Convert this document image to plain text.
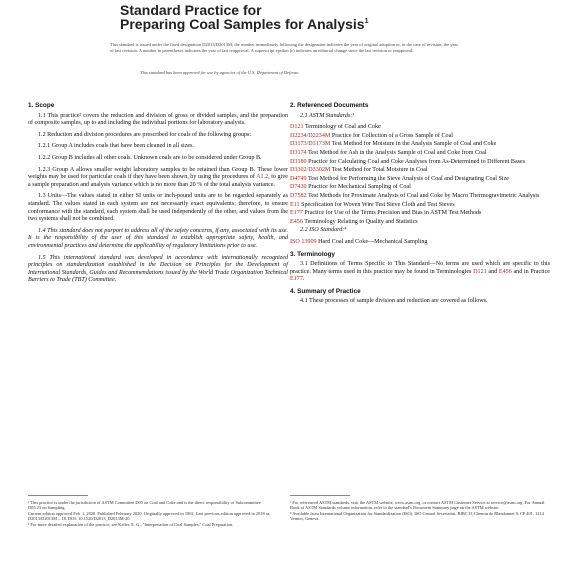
Standard Practice for
Preparing Coal Samples for Analysis$^1$
This standard is issued under the fixed designation D2013/D2013M; the number immediately following the designation indicates the year of original adoption or, in the case of revision, the year of last revision. A number in parentheses indicates the year of last reapproval. A superscript epsilon (ε) indicates an editorial change since the last revision or reapproval.
This standard has been approved for use by agencies of the U.S. Department of Defense.
1. Scope

1.1 This practice² covers the reduction and division of gross or divided samples, and the preparation of composite samples, up to and including the individual portions for laboratory analysis.

1.2 Reduction and division procedures are prescribed for coals of the following groups:

1.2.1 Group A includes coals that have been cleaned in all sizes.

1.2.2 Group B includes all other coals. Unknown coals are to be considered under Group B.

1.2.3 Group A allows smaller weight laboratory samples to be retained than Group B. These lower weights may be used for particular coals if they have been shown, by using the procedures of A1.2, to give a sample preparation and analysis variance which is no more than 20 % of the total analysis variance.

1.3 Units—The values stated in either SI units or inch-pound units are to be regarded separately as standard. The values stated in each system are not necessarily exact equivalents; therefore, to ensure conformance with the standard, each system shall be used independently of the other, and values from the two systems shall not be combined.

1.4 This standard does not purport to address all of the safety concerns, if any, associated with its use. It is the responsibility of the user of this standard to establish appropriate safety, health, and environmental practices and determine the applicability of regulatory limitations prior to use.

1.5 This international standard was developed in accordance with internationally recognized principles on standardization established in the Decision on Principles for the Development of International Standards, Guides and Recommendations issued by the World Trade Organization Technical Barriers to Trade (TBT) Committee.

¹ This practice is under the jurisdiction of ASTM Committee D05 on Coal and Coke and is the direct responsibility of Subcommittee D05.23 on Sampling.
Current edition approved Feb. 1, 2020. Published February 2020. Originally approved in 1962. Last previous edition approved in 2018 as D2013/D2013M – 18. DOI: 10.1520/D2013_D2013M-20.
² For more detailed explanation of the practice, see Keller, E. G., "Interpretation of Coal Samples," Coal Preparation.
2. Referenced Documents

2.1 ASTM Standards:³

D121 Terminology of Coal and Coke
D2234/D2234M Practice for Collection of a Gross Sample of Coal
D3173/D3173M Test Method for Moisture in the Analysis Sample of Coal and Coke
D3174 Test Method for Ash in the Analysis Sample of Coal and Coke from Coal
D3180 Practice for Calculating Coal and Coke Analyses from As-Determined to Different Bases
D3302/D3302M Test Method for Total Moisture in Coal
D4749 Test Method for Performing the Sieve Analysis of Coal and Designating Coal Size
D7430 Practice for Mechanical Sampling of Coal
D7582 Test Methods for Proximate Analysis of Coal and Coke by Macro Thermogravimetric Analysis
E11 Specification for Woven Wire Test Sieve Cloth and Test Sieves
E177 Practice for Use of the Terms Precision and Bias in ASTM Test Methods
E456 Terminology Relating to Quality and Statistics

2.2 ISO Standard:⁴

ISO 13909 Hard Coal and Coke—Mechanical Sampling
3. Terminology

3.1 Definitions of Terms Specific to This Standard—No terms are used which are specific to this practice. Many terms used in this practice may be found in Terminologies D121 and E456 and in Practice E177.

4. Summary of Practice

4.1 These processes of sample division and reduction are covered as follows.

³ For referenced ASTM standards, visit the ASTM website, www.astm.org, or contact ASTM Customer Service at service@astm.org. For Annual Book of ASTM Standards volume information, refer to the standard's Document Summary page on the ASTM website.
⁴ Available from International Organization for Standardization (ISO), ISO Central Secretariat, BIBC II, Chemin de Blandonnet 8, CP 401, 1214 Vernier, Geneva.
